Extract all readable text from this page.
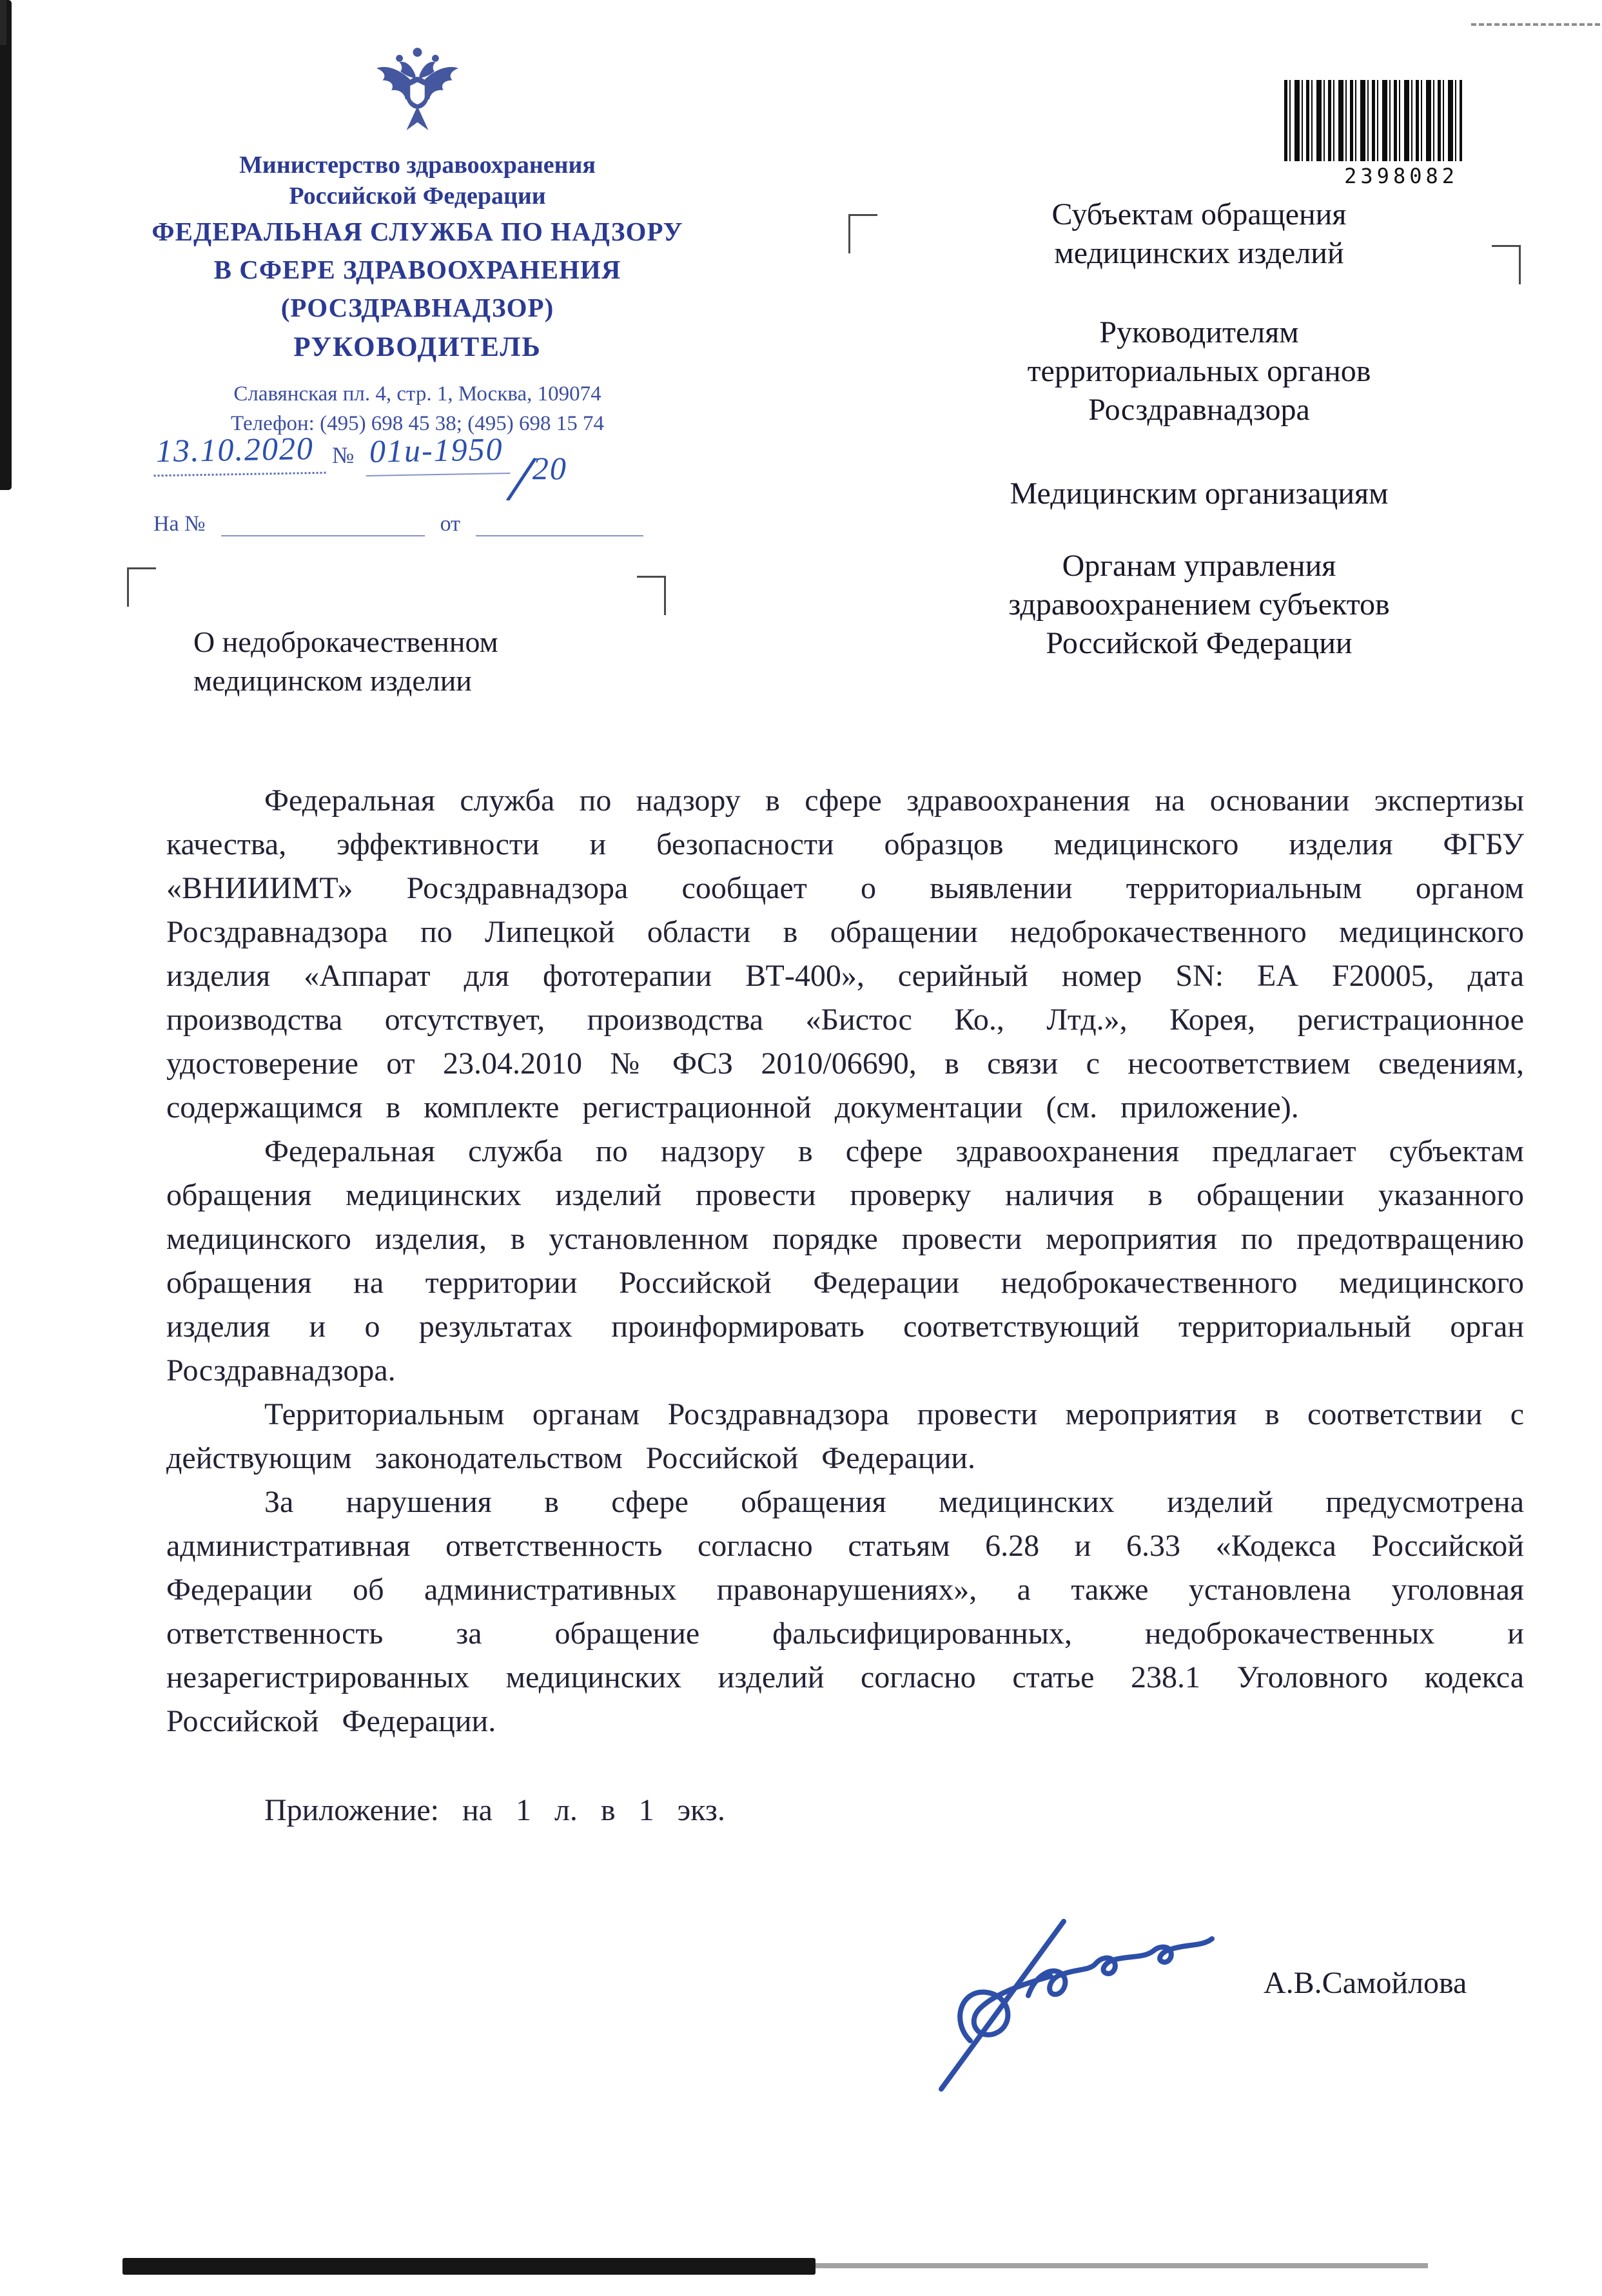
Министерство здравоохранения
Российской Федерации
ФЕДЕРАЛЬНАЯ СЛУЖБА ПО НАДЗОРУ
В СФЕРЕ ЗДРАВООХРАНЕНИЯ
(РОСЗДРАВНАДЗОР)
РУКОВОДИТЕЛЬ
Славянская пл. 4, стр. 1, Москва, 109074
Телефон: (495) 698 45 38; (495) 698 15 74
13.10.2020 № 01и-1950 /
20
На №	от
2398082
Субъектам обращения
медицинских изделий
Руководителям
территориальных органов
Росздравнадзора
Медицинским организациям
Органам управления
здравоохранением субъектов
Российской Федерации
О недоброкачественном
медицинском изделии

Федеральная служба по надзору в сфере здравоохранения на основании экспертизы качества, эффективности и безопасности образцов медицинского изделия ФГБУ «ВНИИИМТ» Росздравнадзора сообщает о выявлении территориальным органом Росздравнадзора по Липецкой области в обращении недоброкачественного медицинского изделия «Аппарат для фототерапии ВТ-400», серийный номер SN: ЕА F20005, дата производства отсутствует, производства «Бистос Ко., Лтд.», Корея, регистрационное удостоверение от 23.04.2010 № ФСЗ 2010/06690, в связи с несоответствием сведениям, содержащимся в комплекте регистрационной документации (см. приложение).

Федеральная служба по надзору в сфере здравоохранения предлагает субъектам обращения медицинских изделий провести проверку наличия в обращении указанного медицинского изделия, в установленном порядке провести мероприятия по предотвращению обращения на территории Российской Федерации недоброкачественного медицинского изделия и о результатах проинформировать соответствующий территориальный орган Росздравнадзора.

Территориальным органам Росздравнадзора провести мероприятия в соответствии с действующим законодательством Российской Федерации.

За нарушения в сфере обращения медицинских изделий предусмотрена административная ответственность согласно статьям 6.28 и 6.33 «Кодекса Российской Федерации об административных правонарушениях», а также установлена уголовная ответственность за обращение фальсифицированных, недоброкачественных и незарегистрированных медицинских изделий согласно статье 238.1 Уголовного кодекса Российской Федерации.

Приложение: на 1 л. в 1 экз.

А.В.Самойлова
